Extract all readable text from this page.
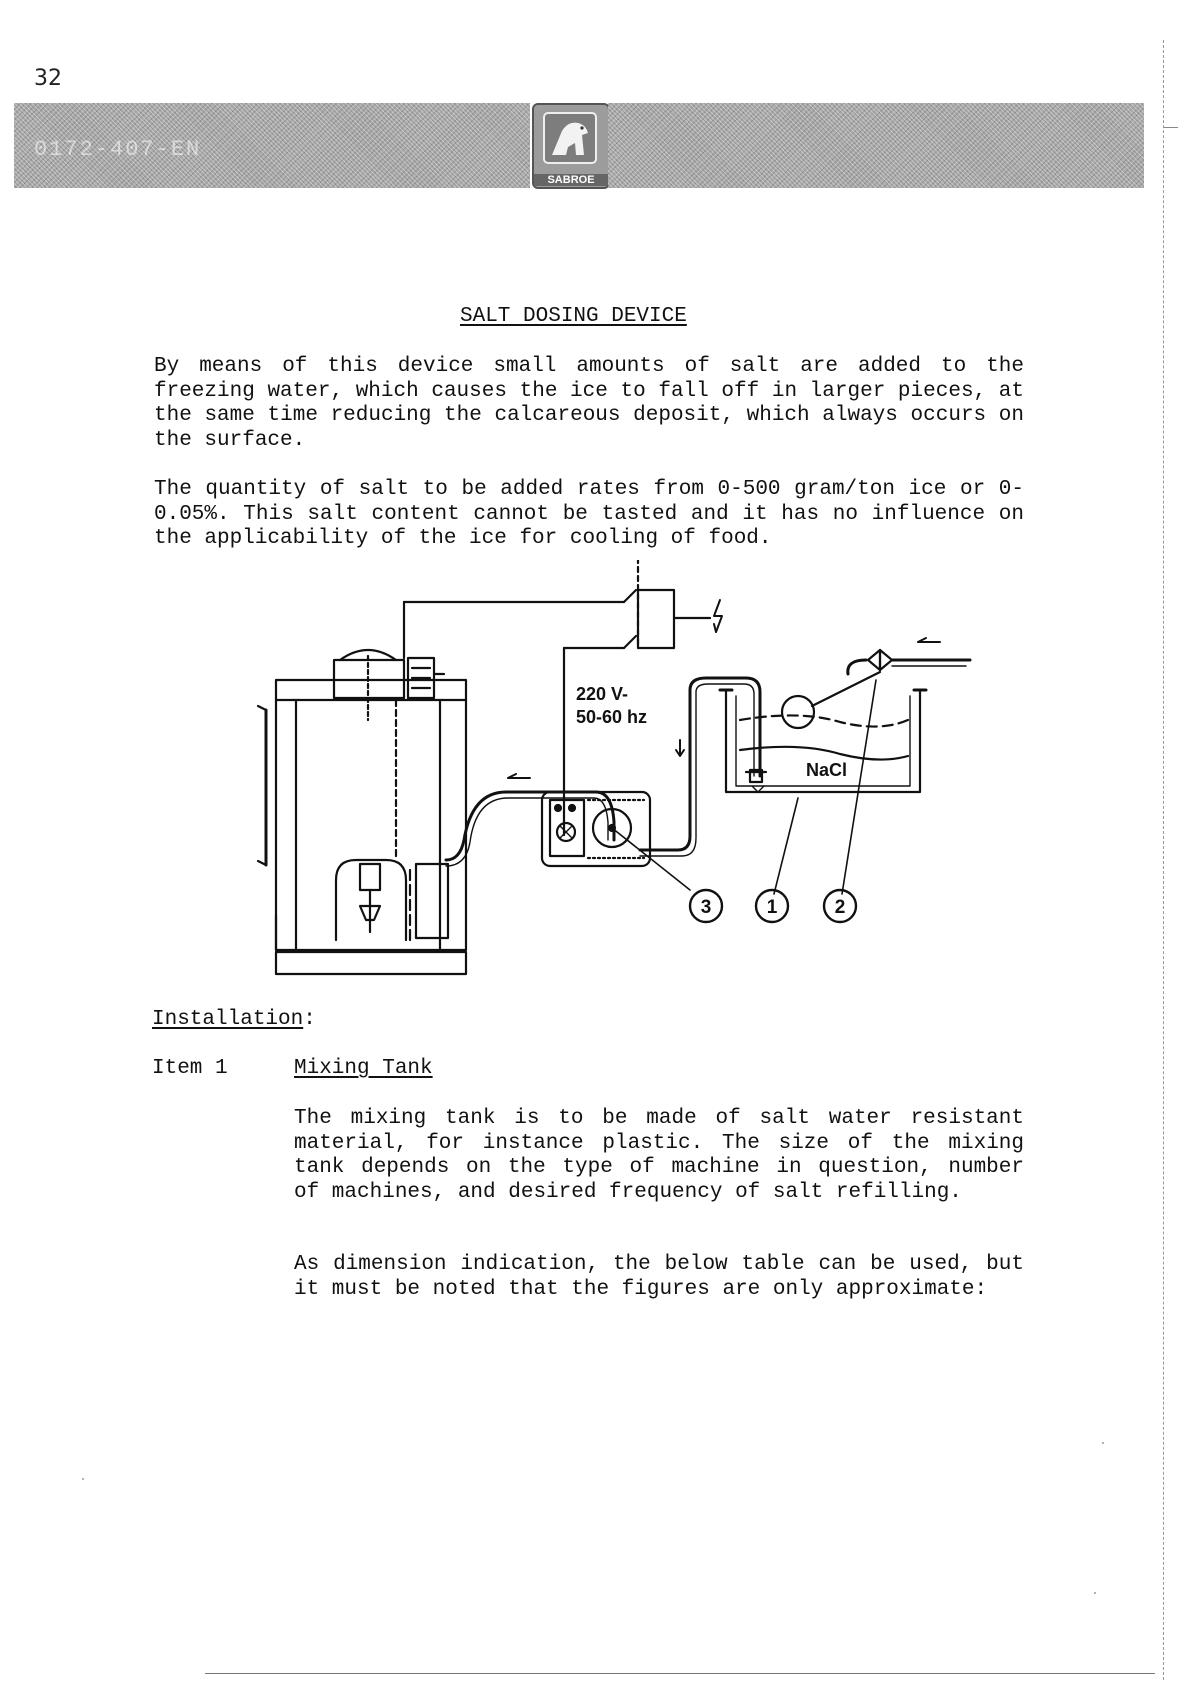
32
0172-407-EN
SABROE
SALT DOSING DEVICE

By means of this device small amounts of salt are added to the freezing water, which causes the ice to fall off in larger pieces, at the same time reducing the calcareous deposit, which always occurs on the surface.

The quantity of salt to be added rates from 0-500 gram/ton ice or 0-0.05%. This salt content cannot be tasted and it has no influence on the applicability of the ice for cooling of food.

220 V-
50-60 hz
NaCl
3	1	2
Installation:
Item 1	Mixing Tank

The mixing tank is to be made of salt water resistant material, for instance plastic. The size of the mixing tank depends on the type of machine in question, number of machines, and desired frequency of salt refilling.

As dimension indication, the below table can be used, but it must be noted that the figures are only approximate:
